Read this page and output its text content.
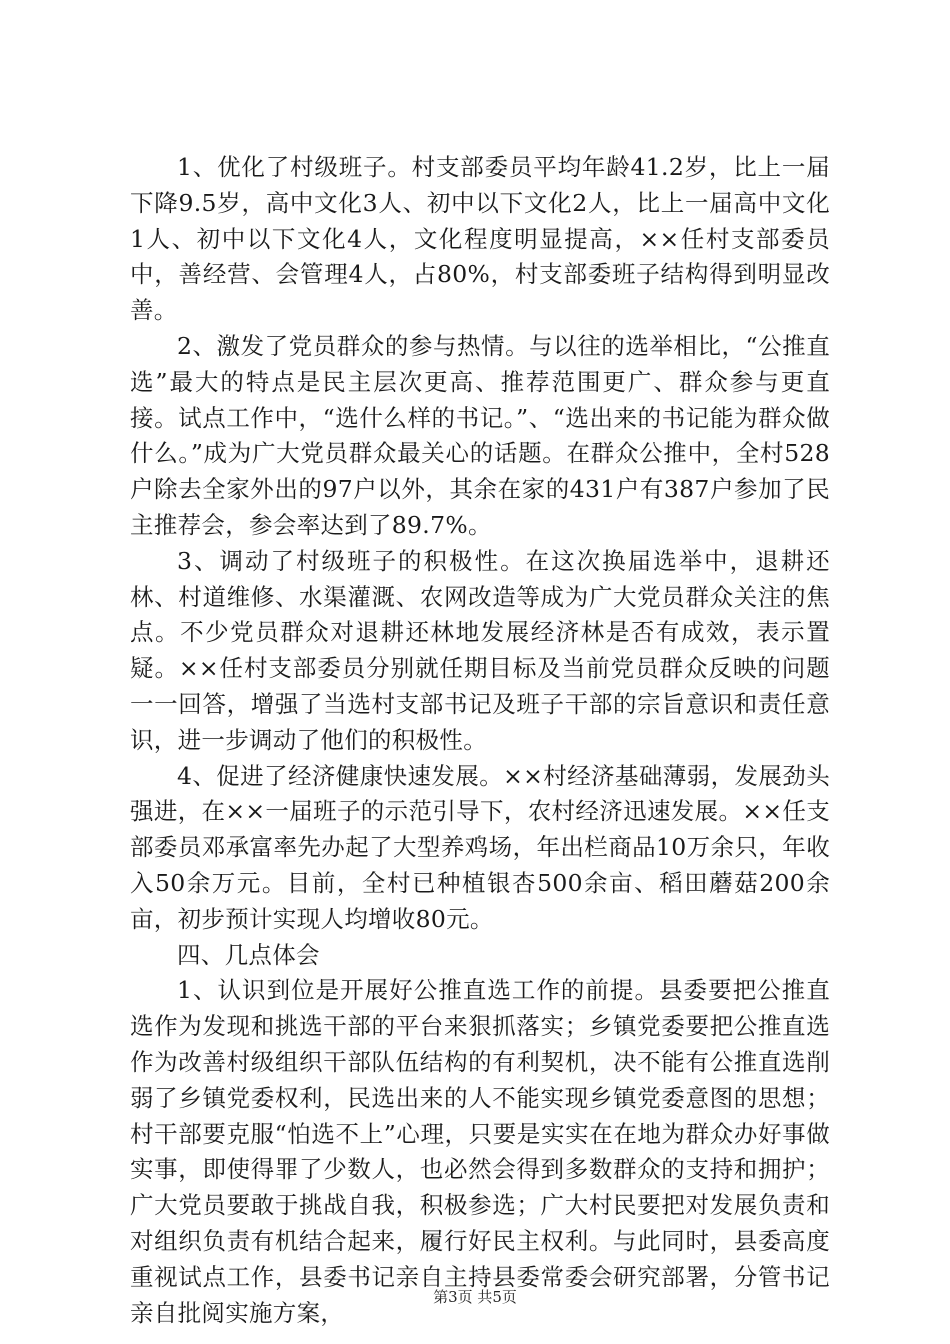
1、优化了村级班子。村支部委员平均年龄41.2岁，比上一届下降9.5岁，高中文化3人、初中以下文化2人，比上一届高中文化1人、初中以下文化4人，文化程度明显提高，××任村支部委员中，善经营、会管理4人，占80%，村支部委班子结构得到明显改善。

2、激发了党员群众的参与热情。与以往的选举相比，“公推直选”最大的特点是民主层次更高、推荐范围更广、群众参与更直接。试点工作中，“选什么样的书记。”、“选出来的书记能为群众做什么。”成为广大党员群众最关心的话题。在群众公推中，全村528户除去全家外出的97户以外，其余在家的431户有387户参加了民主推荐会，参会率达到了89.7%。

3、调动了村级班子的积极性。在这次换届选举中，退耕还林、村道维修、水渠灌溉、农网改造等成为广大党员群众关注的焦点。不少党员群众对退耕还林地发展经济林是否有成效，表示置疑。××任村支部委员分别就任期目标及当前党员群众反映的问题一一回答，增强了当选村支部书记及班子干部的宗旨意识和责任意识，进一步调动了他们的积极性。

4、促进了经济健康快速发展。××村经济基础薄弱，发展劲头强进，在××一届班子的示范引导下，农村经济迅速发展。××任支部委员邓承富率先办起了大型养鸡场，年出栏商品10万余只，年收入50余万元。目前，全村已种植银杏500余亩、稻田蘑菇200余亩，初步预计实现人均增收80元。

四、几点体会

1、认识到位是开展好公推直选工作的前提。县委要把公推直选作为发现和挑选干部的平台来狠抓落实；乡镇党委要把公推直选作为改善村级组织干部队伍结构的有利契机，决不能有公推直选削弱了乡镇党委权利，民选出来的人不能实现乡镇党委意图的思想；村干部要克服“怕选不上”心理，只要是实实在在地为群众办好事做实事，即使得罪了少数人，也必然会得到多数群众的支持和拥护；广大党员要敢于挑战自我，积极参选；广大村民要把对发展负责和对组织负责有机结合起来，履行好民主权利。与此同时，县委高度重视试点工作，县委书记亲自主持县委常委会研究部署，分管书记亲自批阅实施方案，

第3页 共5页
